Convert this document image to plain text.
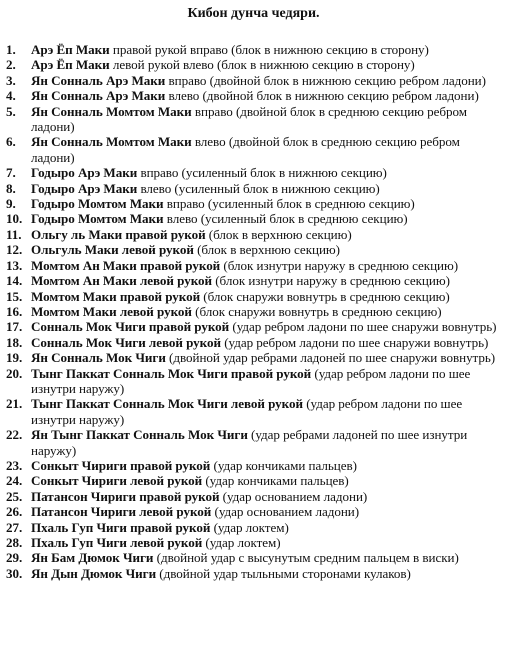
Кибон дунча чедяри.
1. Арэ Ёп Маки правой рукой вправо (блок в нижнюю секцию в сторону)
2. Арэ Ёп Маки левой рукой влево (блок в нижнюю секцию в сторону)
3. Ян Сонналь Арэ Маки вправо (двойной блок в нижнюю секцию ребром ладони)
4. Ян Сонналь Арэ Маки влево (двойной блок в нижнюю секцию ребром ладони)
5. Ян Сонналь Момтом Маки вправо (двойной блок в среднюю секцию ребром ладони)
6. Ян Сонналь Момтом Маки влево (двойной блок в среднюю секцию ребром ладони)
7. Годыро Арэ Маки вправо (усиленный блок в нижнюю секцию)
8. Годыро Арэ Маки влево (усиленный блок в нижнюю секцию)
9. Годыро Момтом Маки вправо (усиленный блок в среднюю секцию)
10. Годыро Момтом Маки влево (усиленный блок в среднюю секцию)
11. Ольгу ль Маки правой рукой (блок в верхнюю секцию)
12. Ольгуль Маки левой рукой (блок в верхнюю секцию)
13. Момтом Ан Маки правой рукой (блок изнутри наружу в среднюю секцию)
14. Момтом Ан Маки левой рукой (блок изнутри наружу в среднюю секцию)
15. Момтом Маки правой рукой (блок снаружи вовнутрь в среднюю секцию)
16. Момтом Маки левой рукой (блок снаружи вовнутрь в среднюю секцию)
17. Сонналь Мок Чиги правой рукой (удар ребром ладони по шее снаружи вовнутрь)
18. Сонналь Мок Чиги левой рукой (удар ребром ладони по шее снаружи вовнутрь)
19. Ян Сонналь Мок Чиги (двойной удар ребрами ладоней по шее снаружи вовнутрь)
20. Тынг Паккат Сонналь Мок Чиги правой рукой (удар ребром ладони по шее изнутри наружу)
21. Тынг Паккат Сонналь Мок Чиги левой рукой (удар ребром ладони по шее изнутри наружу)
22. Ян Тынг Паккат Сонналь Мок Чиги (удар ребрами ладоней по шее изнутри наружу)
23. Сонкыт Чириги правой рукой (удар кончиками пальцев)
24. Сонкыт Чириги левой рукой (удар кончиками пальцев)
25. Патансон Чириги правой рукой (удар основанием ладони)
26. Патансон Чириги левой рукой (удар основанием ладони)
27. Пхаль Гуп Чиги правой рукой (удар локтем)
28. Пхаль Гуп Чиги левой рукой (удар локтем)
29. Ян Бам Дюмок Чиги (двойной удар с высунутым средним пальцем в виски)
30. Ян Дын Дюмок Чиги (двойной удар тыльными сторонами кулаков)
